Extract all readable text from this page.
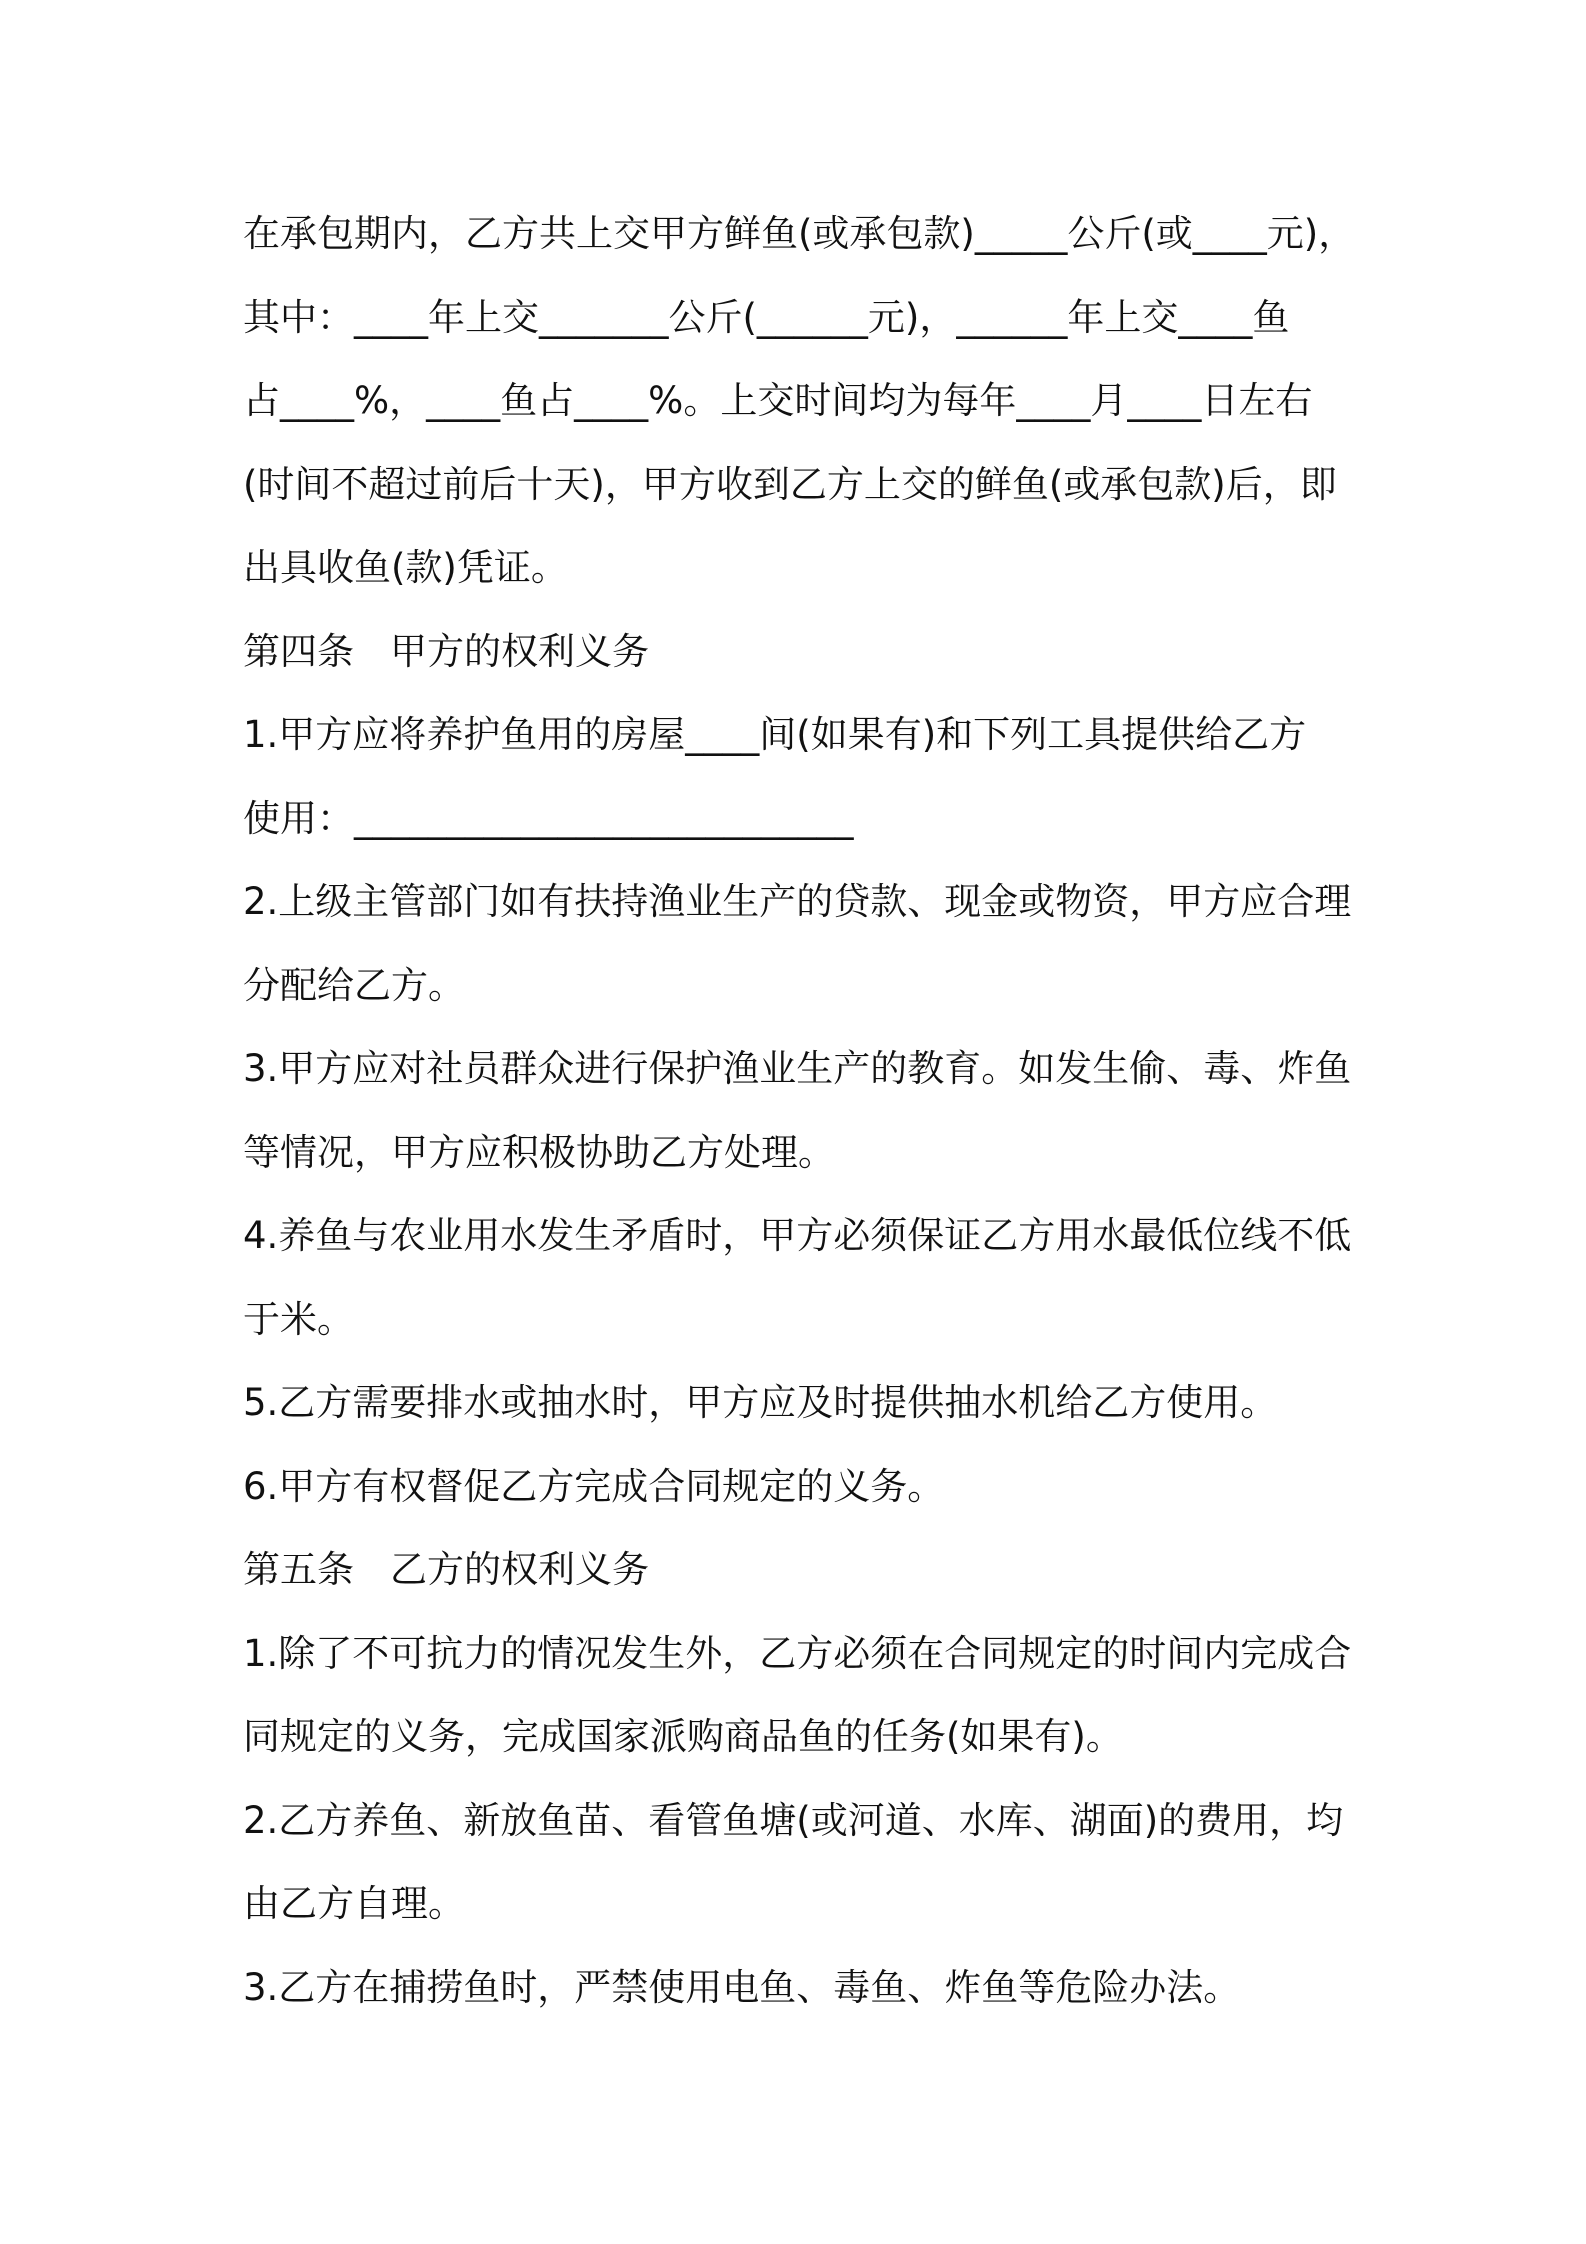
在承包期内，乙方共上交甲方鲜鱼(或承包款)_____公斤(或____元)，
其中：____年上交_______公斤(______元)，______年上交____鱼
占____%，____鱼占____%。上交时间均为每年____月____日左右
(时间不超过前后十天)，甲方收到乙方上交的鲜鱼(或承包款)后，即
出具收鱼(款)凭证。
第四条 甲方的权利义务
1.甲方应将养护鱼用的房屋____间(如果有)和下列工具提供给乙方
使用：___________________________
2.上级主管部门如有扶持渔业生产的贷款、现金或物资，甲方应合理
分配给乙方。
3.甲方应对社员群众进行保护渔业生产的教育。如发生偷、毒、炸鱼
等情况，甲方应积极协助乙方处理。
4.养鱼与农业用水发生矛盾时，甲方必须保证乙方用水最低位线不低
于米。
5.乙方需要排水或抽水时，甲方应及时提供抽水机给乙方使用。
6.甲方有权督促乙方完成合同规定的义务。
第五条 乙方的权利义务
1.除了不可抗力的情况发生外，乙方必须在合同规定的时间内完成合
同规定的义务，完成国家派购商品鱼的任务(如果有)。
2.乙方养鱼、新放鱼苗、看管鱼塘(或河道、水库、湖面)的费用，均
由乙方自理。
3.乙方在捕捞鱼时，严禁使用电鱼、毒鱼、炸鱼等危险办法。
